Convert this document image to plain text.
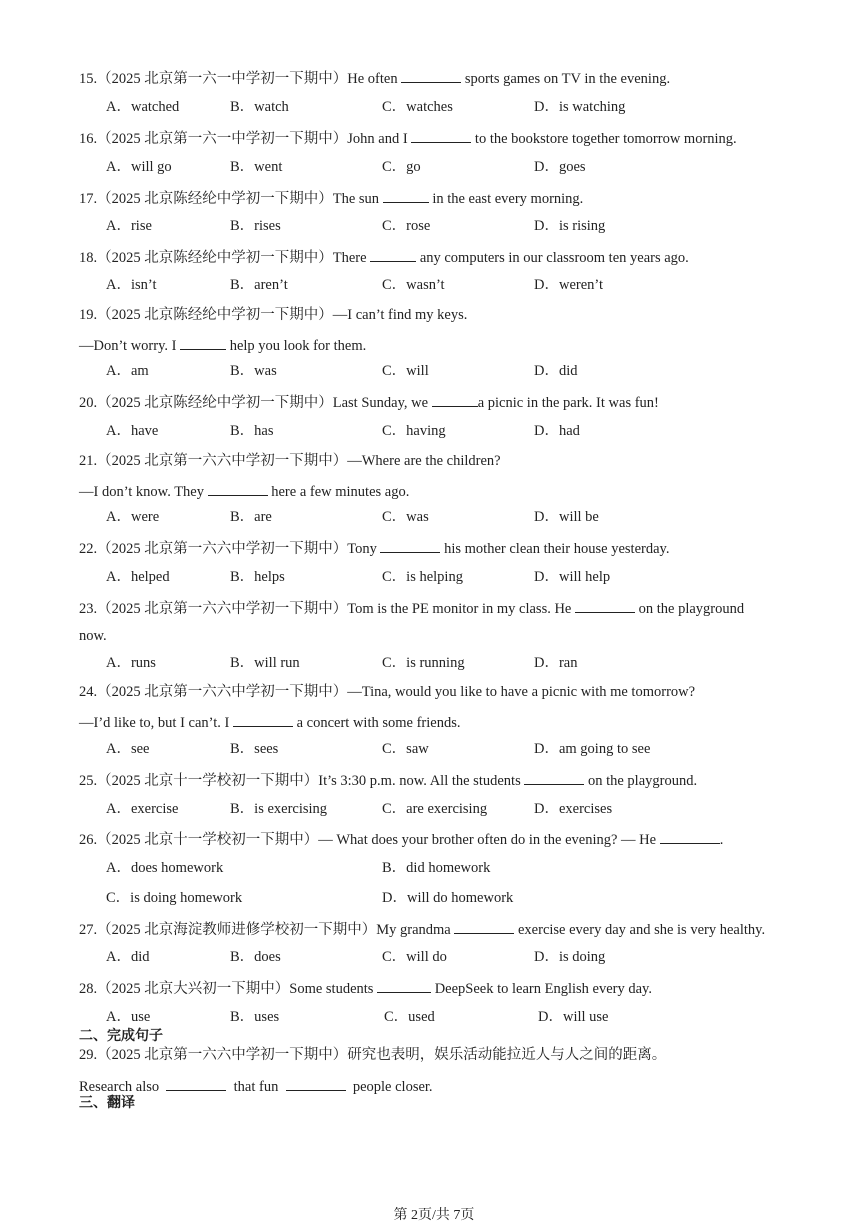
15.（2025 北京第一六一中学初一下期中）He often	sports games on TV in the evening.
A．watched	B．watch	C．watches	D．is watching
16.（2025 北京第一六一中学初一下期中）John and I	to the bookstore together tomorrow morning.
A．will go	B．went	C．go	D．goes
17.（2025 北京陈经纶中学初一下期中）The sun	in the east every morning.
A．rise	B．rises	C．rose	D．is rising
18.（2025 北京陈经纶中学初一下期中）There	any computers in our classroom ten years ago.
A．isn’t	B．aren’t	C．wasn’t	D．weren’t
19.（2025 北京陈经纶中学初一下期中）—I can’t find my keys.
—Don’t worry. I	help you look for them.
A．am	B．was	C．will	D．did
20.（2025 北京陈经纶中学初一下期中）Last Sunday, we	a picnic in the park. It was fun!
A．have	B．has	C．having	D．had
21.（2025 北京第一六六中学初一下期中）—Where are the children?
—I don’t know. They	here a few minutes ago.
A．were	B．are	C．was	D．will be
22.（2025 北京第一六六中学初一下期中）Tony	his mother clean their house yesterday.
A．helped	B．helps	C．is helping	D．will help
23.（2025 北京第一六六中学初一下期中）Tom is the PE monitor in my class. He	on the playground
now.
A．runs	B．will run	C．is running	D．ran
24.（2025 北京第一六六中学初一下期中）—Tina, would you like to have a picnic with me tomorrow?
—I’d like to, but I can’t. I	a concert with some friends.
A．see	B．sees	C．saw	D．am going to see
25.（2025 北京十一学校初一下期中）It’s 3:30 p.m. now. All the students	on the playground.
A．exercise	B．is exercising	C．are exercising	D．exercises
26.（2025 北京十一学校初一下期中）— What does your brother often do in the evening? — He	.
A．does homework	B．did homework
C．is doing homework	D．will do homework
27.（2025 北京海淀教师进修学校初一下期中）My grandma	exercise every day and she is very healthy.
A．did	B．does	C．will do	D．is doing
28.（2025 北京大兴初一下期中）Some students	DeepSeek to learn English every day.
A．use	B．uses	C．used	D．will use
二、完成句子
29.（2025 北京第一六六中学初一下期中）研究也表明，娱乐活动能拉近人与人之间的距离。
Research also	that fun	people closer.
三、翻译
第 2页/共 7页
